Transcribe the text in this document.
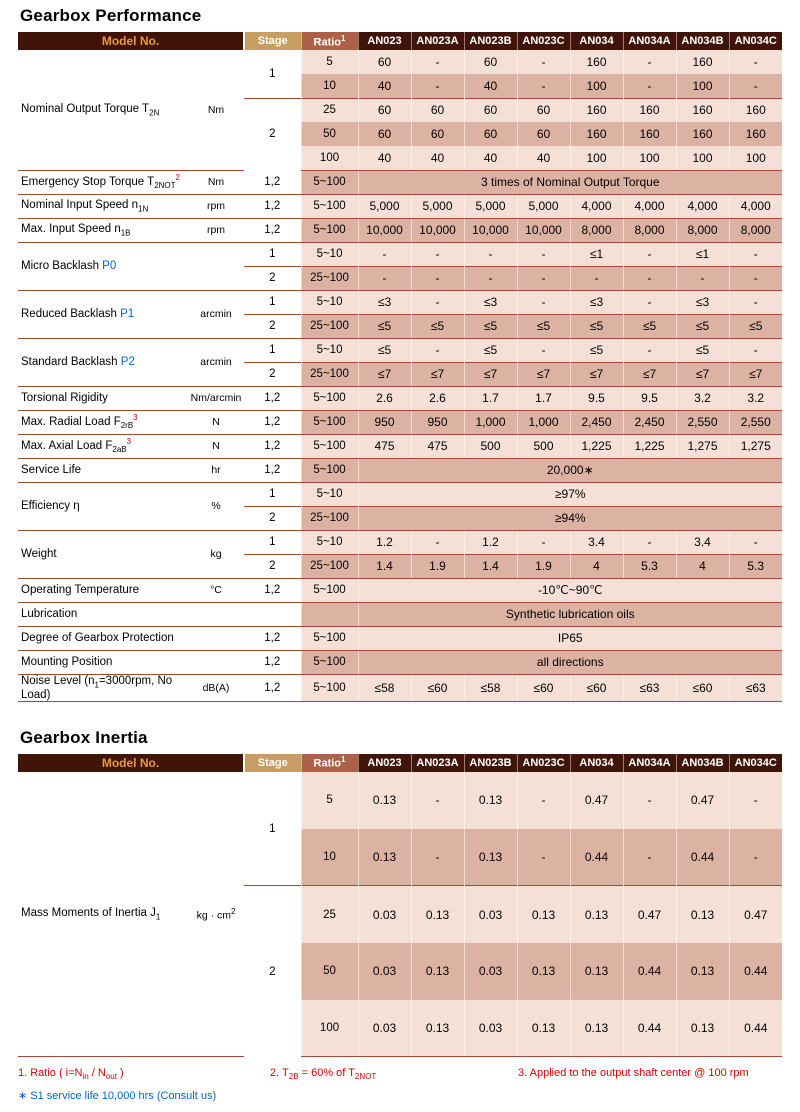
Gearbox Performance
Model No.		Stage	Ratio$^1$	AN023	AN023A	AN023B	AN023C	AN034	AN034A	AN034B	AN034C
Nominal Output Torque $T_{2N}$	Nm	1	5	60	-	60	-	160	-	160	-
			10	40	-	40	-	100	-	100	-
		2	25	60	60	60	60	160	160	160	160
			50	60	60	60	60	160	160	160	160
			100	40	40	40	40	100	100	100	100
Emergency Stop Torque $T_{2NOT}^2$	Nm	1,2	5~100	3 times of Nominal Output Torque							
Nominal Input Speed $n_{1N}$	rpm	1,2	5~100	5,000	5,000	5,000	5,000	4,000	4,000	4,000	4,000
Max. Input Speed $n_{1B}$	rpm	1,2	5~100	10,000	10,000	10,000	10,000	8,000	8,000	8,000	8,000
Micro Backlash P0		1	5~10	-	-	-	-	≤1	-	≤1	-
		2	25~100	-	-	-	-	-	-	-	-
Reduced Backlash P1	arcmin	1	5~10	≤3	-	≤3	-	≤3	-	≤3	-
		2	25~100	≤5	≤5	≤5	≤5	≤5	≤5	≤5	≤5
Standard Backlash P2	arcmin	1	5~10	≤5	-	≤5	-	≤5	-	≤5	-
		2	25~100	≤7	≤7	≤7	≤7	≤7	≤7	≤7	≤7
Torsional Rigidity	Nm/arcmin	1,2	5~100	2.6	2.6	1.7	1.7	9.5	9.5	3.2	3.2
Max. Radial Load $F_{2rB}^3$	N	1,2	5~100	950	950	1,000	1,000	2,450	2,450	2,550	2,550
Max. Axial Load $F_{2aB}^3$	N	1,2	5~100	475	475	500	500	1,225	1,225	1,275	1,275
Service Life	hr	1,2	5~100	20,000∗							
Efficiency η	%	1	5~10	≥97%							
		2	25~100	≥94%							
Weight	kg	1	5~10	1.2	-	1.2	-	3.4	-	3.4	-
		2	25~100	1.4	1.9	1.4	1.9	4	5.3	4	5.3
Operating Temperature	°C	1,2	5~100	-10℃~90℃							
Lubrication				Synthetic lubrication oils							
Degree of Gearbox Protection		1,2	5~100	IP65							
Mounting Position		1,2	5~100	all directions							
Noise Level ($n_1=3000rpm$, No Load)	dB(A)	1,2	5~100	≤58	≤60	≤58	≤60	≤60	≤63	≤60	≤63
Gearbox Inertia
Model No.		Stage	Ratio$^1$	AN023	AN023A	AN023B	AN023C	AN034	AN034A	AN034B	AN034C
Mass Moments of Inertia $J_1$	kg · $cm^2$	1	5	0.13	-	0.13	-	0.47	-	0.47	-
			10	0.13	-	0.13	-	0.44	-	0.44	-
		2	25	0.03	0.13	0.03	0.13	0.13	0.47	0.13	0.47
			50	0.03	0.13	0.03	0.13	0.13	0.44	0.13	0.44
			100	0.03	0.13	0.03	0.13	0.13	0.44	0.13	0.44
1. Ratio ( $i=N_{in} / N_{out}$ )	2. $T_{2B} = 60\%$ of $T_{2NOT}$	3. Applied to the output shaft center @ 100 rpm
∗ S1 service life 10,000 hrs (Consult us)
